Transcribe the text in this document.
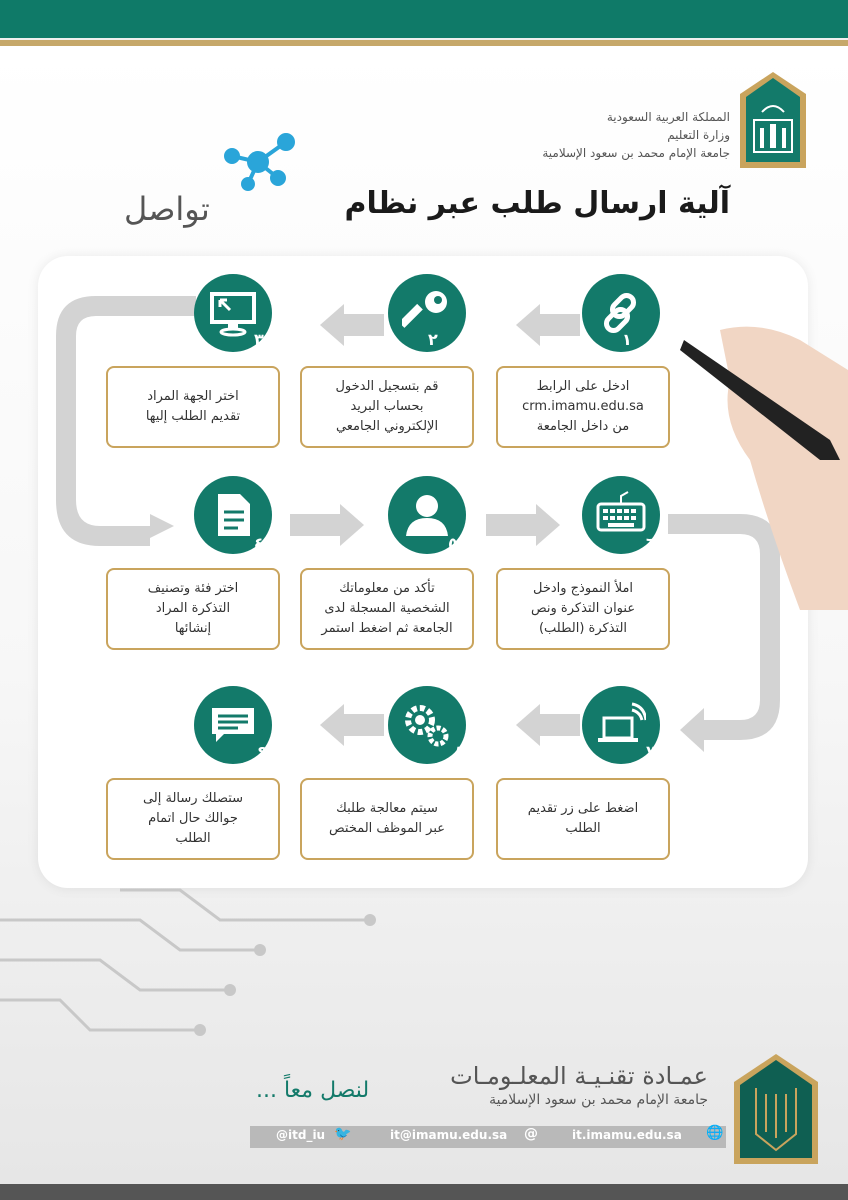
المملكة العربية السعودية
وزارة التعليم
جامعة الإمام محمد بن سعود الإسلامية
آلية ارسال طلب عبر نظام
تواصل
١
٢
٣
٤	٥	٦
٧
٨
٩
ادخل على الرابط
crm.imamu.edu.sa
من داخل الجامعة
قم بتسجيل الدخول
بحساب البريد
الإلكتروني الجامعي
اختر الجهة المراد
تقديم الطلب إليها
اختر فئة وتصنيف
التذكرة المراد
إنشائها
تأكد من معلوماتك
الشخصية المسجلة لدى
الجامعة ثم اضغط استمر
املأ النموذج وادخل
عنوان التذكرة ونص
التذكرة (الطلب)
اضغط على زر تقديم
الطلب
سيتم معالجة طلبك
عبر الموظف المختص
ستصلك رسالة إلى
جوالك حال اتمام
الطلب
عمـادة تقنـيـة المعلـومـات
جامعة الإمام محمد بن سعود الإسلامية
لنصل معاً ...
@itd_iu 🐦	it@imamu.edu.sa @	it.imamu.edu.sa 🌐
